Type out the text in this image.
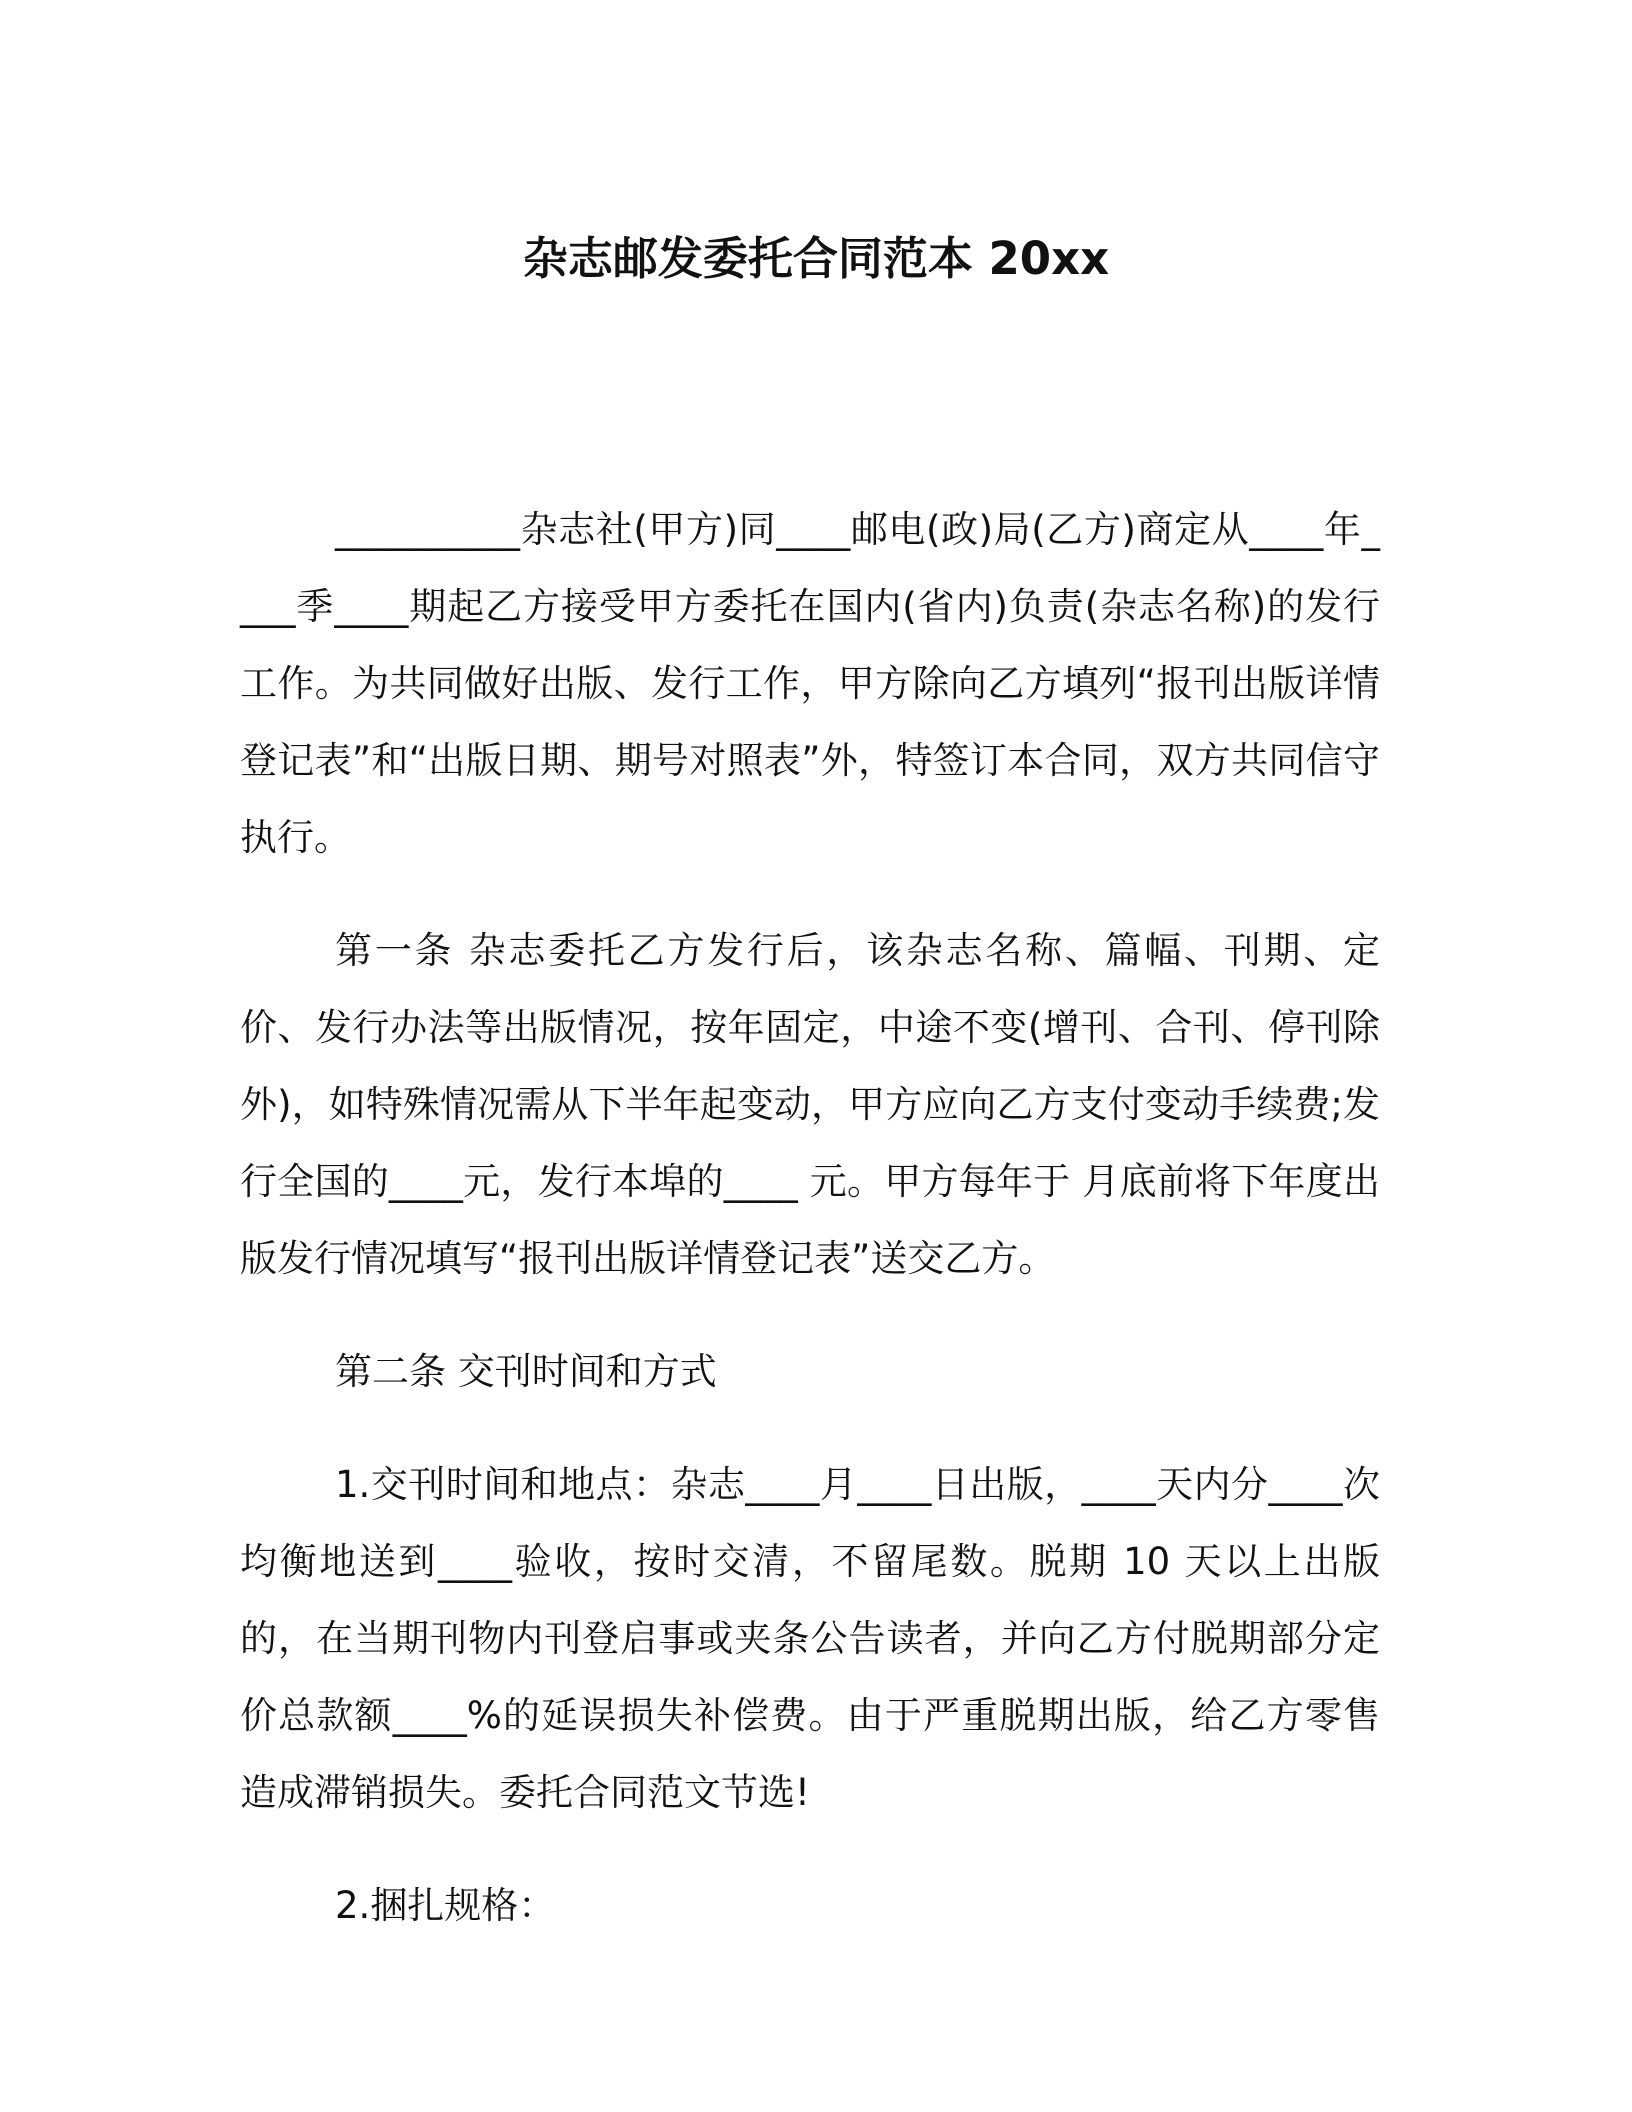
杂志邮发委托合同范本 20xx

__________杂志社(甲方)同____邮电(政)局(乙方)商定从____年____季____期起乙方接受甲方委托在国内(省内)负责(杂志名称)的发行工作。为共同做好出版、发行工作，甲方除向乙方填列“报刊出版详情登记表”和“出版日期、期号对照表”外，特签订本合同，双方共同信守执行。

第一条 杂志委托乙方发行后，该杂志名称、篇幅、刊期、定价、发行办法等出版情况，按年固定，中途不变(增刊、合刊、停刊除外)，如特殊情况需从下半年起变动，甲方应向乙方支付变动手续费;发行全国的____元，发行本埠的____ 元。甲方每年于 月底前将下年度出版发行情况填写“报刊出版详情登记表”送交乙方。

第二条 交刊时间和方式

1.交刊时间和地点：杂志____月____日出版，____天内分____次均衡地送到____验收，按时交清，不留尾数。脱期 10 天以上出版的，在当期刊物内刊登启事或夹条公告读者，并向乙方付脱期部分定价总款额____%的延误损失补偿费。由于严重脱期出版，给乙方零售造成滞销损失。委托合同范文节选!

2.捆扎规格：
